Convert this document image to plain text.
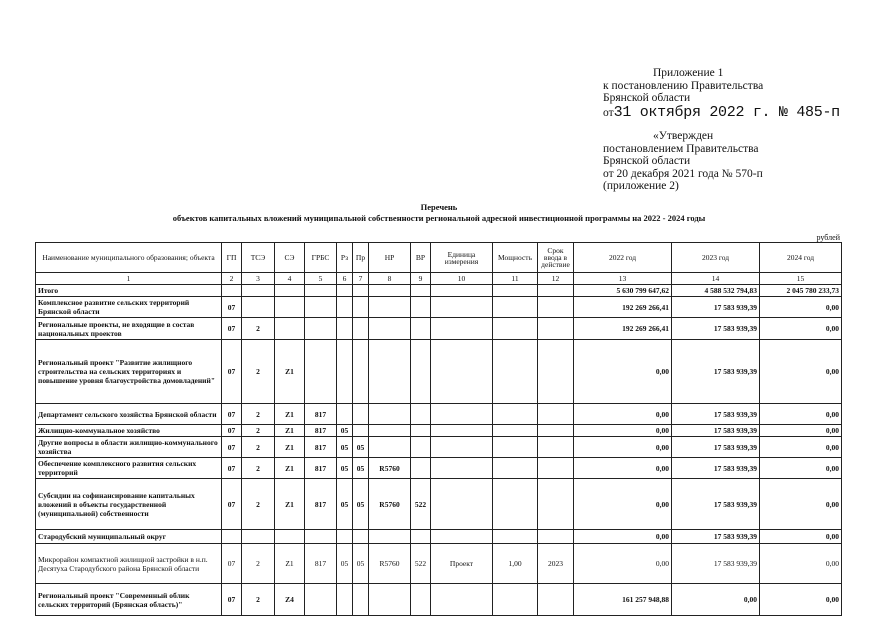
Приложение 1
к постановлению Правительства
Брянской области
от31 октября 2022 г. № 485-п
«Утвержден
постановлением Правительства
Брянской области
от 20 декабря 2021 года № 570-п
(приложение 2)
Перечень
объектов капитальных вложений муниципальной собственности региональной адресной инвестиционной программы на 2022 - 2024 годы
рублей
Наименование муниципального образования; объекта	ГП	ТСЭ	СЭ	ГРБС	Рз	Пр	НР	ВР	Единица измерения	Мощность	Срок ввода в действие	2022 год	2023 год	2024 год
1	2	3	4	5	6	7	8	9	10	11	12	13	14	15
Итого												5 630 799 647,62	4 588 532 794,83	2 045 780 233,73
Комплексное развитие сельских территорий Брянской области	07											192 269 266,41	17 583 939,39	0,00
Региональные проекты, не входящие в состав национальных проектов	07	2										192 269 266,41	17 583 939,39	0,00
Региональный проект "Развитие жилищного строительства на сельских территориях и повышение уровня благоустройства домовладений"	07	2	Z1									0,00	17 583 939,39	0,00
Департамент сельского хозяйства Брянской области	07	2	Z1	817								0,00	17 583 939,39	0,00
Жилищно-коммунальное хозяйство	07	2	Z1	817	05							0,00	17 583 939,39	0,00
Другие вопросы в области жилищно-коммунального хозяйства	07	2	Z1	817	05	05						0,00	17 583 939,39	0,00
Обеспечение комплексного развития сельских территорий	07	2	Z1	817	05	05	R5760					0,00	17 583 939,39	0,00
Субсидии на софинансирование капитальных вложений в объекты государственной (муниципальной) собственности	07	2	Z1	817	05	05	R5760	522				0,00	17 583 939,39	0,00
Стародубский муниципальный округ												0,00	17 583 939,39	0,00
Микрорайон компактной жилищной застройки в н.п. Десятуха Стародубского района Брянской области	07	2	Z1	817	05	05	R5760	522	Проект	1,00	2023	0,00	17 583 939,39	0,00
Региональный проект "Современный облик сельских территорий (Брянская область)"	07	2	Z4									161 257 948,88	0,00	0,00
